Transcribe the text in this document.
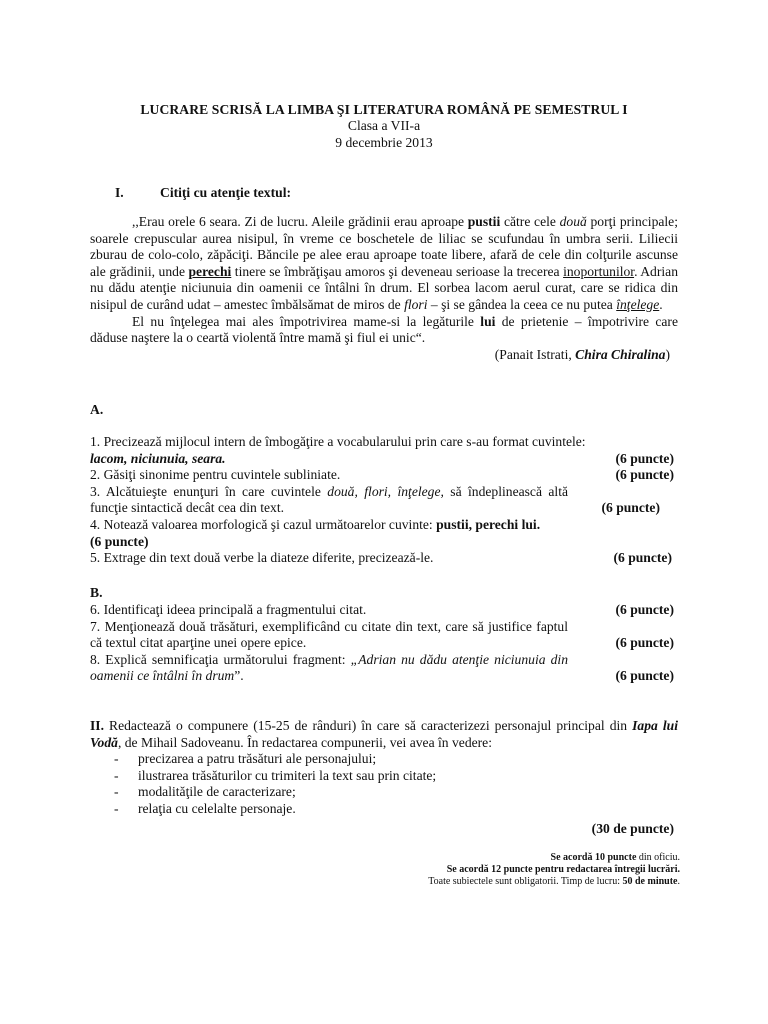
LUCRARE SCRISĂ LA LIMBA ŞI LITERATURA ROMÂNĂ PE SEMESTRUL I
Clasa a VII-a
9 decembrie 2013
I.	Citiţi cu atenţie textul:

,,Erau orele 6 seara. Zi de lucru. Aleile grădinii erau aproape pustii către cele două porţi principale; soarele crepuscular aurea nisipul, în vreme ce boschetele de liliac se scufundau în umbra serii. Liliecii zburau de colo-colo, zăpăciţi. Băncile pe alee erau aproape toate libere, afară de cele din colţurile ascunse ale grădinii, unde perechi tinere se îmbrăţişau amoros şi deveneau serioase la trecerea inoportunilor. Adrian nu dădu atenţie niciunuia din oamenii ce întâlni în drum. El sorbea lacom aerul curat, care se ridica din nisipul de curând udat – amestec îmbălsămat de miros de flori – şi se gândea la ceea ce nu putea înţelege.

El nu înţelegea mai ales împotrivirea mame-si la legăturile lui de prietenie – împotrivire care dăduse naştere la o ceartă violentă între mamă şi fiul ei unic“.

(Panait Istrati, Chira Chiralina)
A.
1. Precizează mijlocul intern de îmbogăţire a vocabularului prin care s-au format cuvintele:
lacom, niciunuia, seara.	(6 puncte)
2. Găsiţi sinonime pentru cuvintele subliniate.	(6 puncte)
3. Alcătuieşte enunţuri în care cuvintele două, flori, înţelege, să îndeplinească altă funcţie sintactică decât cea din text.	(6 puncte)
4. Notează valoarea morfologică şi cazul următoarelor cuvinte: pustii, perechi lui.
(6 puncte)
5. Extrage din text două verbe la diateze diferite, precizează-le.	(6 puncte)
B.
6. Identificaţi ideea principală a fragmentului citat.	(6 puncte)
7. Menţionează două trăsături, exemplificând cu citate din text, care să justifice faptul că textul citat aparţine unei opere epice.	(6 puncte)
8. Explică semnificaţia următorului fragment: „Adrian nu dădu atenţie niciunuia din oamenii ce întâlni în drum”.	(6 puncte)
II. Redactează o compunere (15-25 de rânduri) în care să caracterizezi personajul principal din Iapa lui Vodă, de Mihail Sadoveanu. În redactarea compunerii, vei avea în vedere:
- precizarea a patru trăsături ale personajului;
- ilustrarea trăsăturilor cu trimiteri la text sau prin citate;
- modalităţile de caracterizare;
- relaţia cu celelalte personaje.
(30 de puncte)
Se acordă 10 puncte din oficiu.
Se acordă 12 puncte pentru redactarea întregii lucrări.
Toate subiectele sunt obligatorii. Timp de lucru: 50 de minute.
